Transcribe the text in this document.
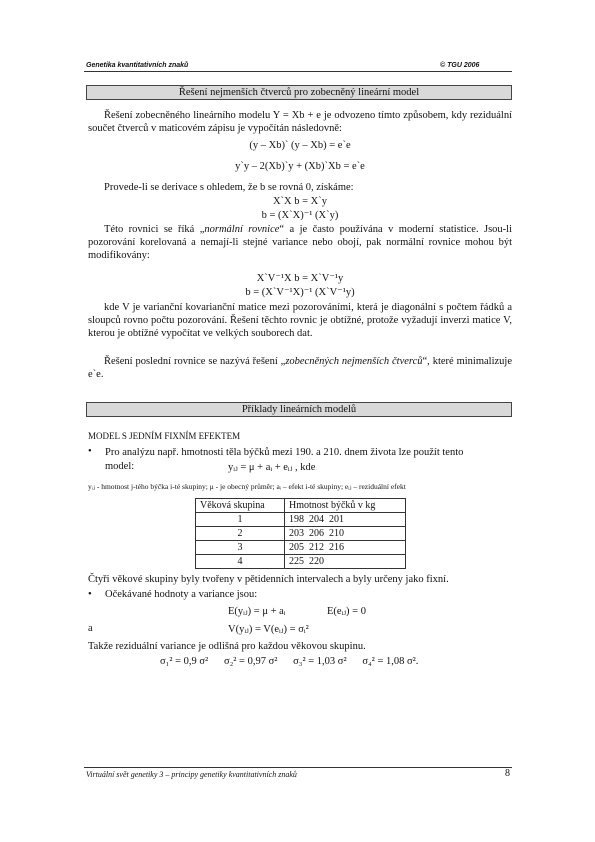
Genetika kvantitativních znaků	© TGU 2006
Řešení nejmenších čtverců pro zobecněný lineární model
Řešení zobecněného lineárního modelu Y = Xb + e je odvozeno tímto způsobem, kdy reziduální součet čtverců v maticovém zápisu je vypočítán následovně:
(y – Xb)` (y – Xb) = e`e
y`y – 2(Xb)`y + (Xb)`Xb = e`e
Provede-li se derivace s ohledem, že b se rovná 0, získáme:
X`X b = X`y
b = (X`X)⁻¹ (X`y)
Této rovnici se říká „normální rovnice“ a je často používána v moderní statistice. Jsou-li pozorování korelovaná a nemají-li stejné variance nebo obojí, pak normální rovnice mohou být modifikovány:
X`V⁻¹X b = X`V⁻¹y
b = (X`V⁻¹X)⁻¹ (X`V⁻¹y)
kde V je varianční kovarianční matice mezi pozorováními, která je diagonální s počtem řádků a sloupců rovno počtu pozorování. Řešení těchto rovnic je obtížné, protože vyžadují inverzi matice V, kterou je obtížné vypočítat ve velkých souborech dat.
Řešení poslední rovnice se nazývá řešení „zobecněných nejmenších čtverců“, které minimalizuje e`e.
Příklady lineárních modelů
MODEL S JEDNÍM FIXNÍM EFEKTEM
• Pro analýzu např. hmotnosti těla býčků mezi 190. a 210. dnem života lze použít tento
model:	yᵢⱼ = μ + aᵢ + eᵢⱼ , kde
yᵢⱼ - hmotnost j-tého býčka i-té skupiny; μ - je obecný průměr; aᵢ – efekt i-té skupiny; eᵢⱼ – reziduální efekt
Věková skupina	Hmotnost býčků v kg
1	198  204  201
2	203  206  210
3	205  212  216
4	225  220
Čtyři věkové skupiny byly tvořeny v pětidenních intervalech a byly určeny jako fixní.
• Očekávané hodnoty a variance jsou:
E(yᵢⱼ) = μ + aᵢ	E(eᵢⱼ) = 0
a	V(yᵢⱼ) = V(eᵢⱼ) = σᵢ²
Takže reziduální variance je odlišná pro každou věkovou skupinu.
σ₁² = 0,9 σ²      σ₂² = 0,97 σ²      σ₃² = 1,03 σ²      σ₄² = 1,08 σ².
Virtuální svět genetiky 3 – principy genetiky kvantitativních znaků	8
